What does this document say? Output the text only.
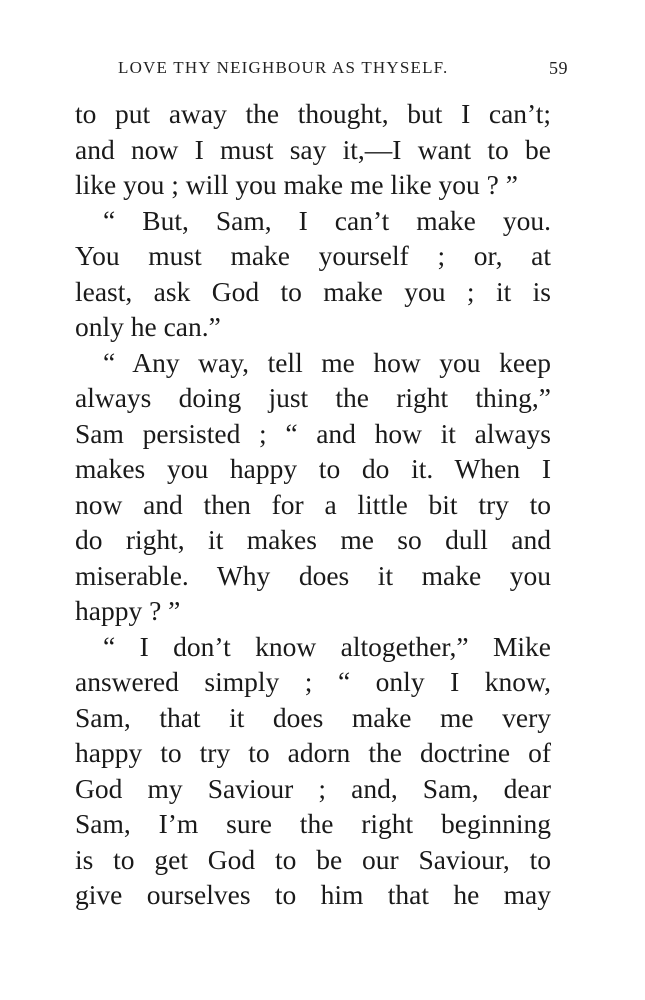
LOVE THY NEIGHBOUR AS THYSELF.	59
to put away the thought, but I can’t;
and now I must say it,—I want to be
like you ; will you make me like you ? ”
“ But, Sam, I can’t make you.
You must make yourself ; or, at
least, ask God to make you ; it is
only he can.”
“ Any way, tell me how you keep
always doing just the right thing,”
Sam persisted ; “ and how it always
makes you happy to do it. When I
now and then for a little bit try to
do right, it makes me so dull and
miserable. Why does it make you
happy ? ”
“ I don’t know altogether,” Mike
answered simply ; “ only I know,
Sam, that it does make me very
happy to try to adorn the doctrine of
God my Saviour ; and, Sam, dear
Sam, I’m sure the right beginning
is to get God to be our Saviour, to
give ourselves to him that he may
